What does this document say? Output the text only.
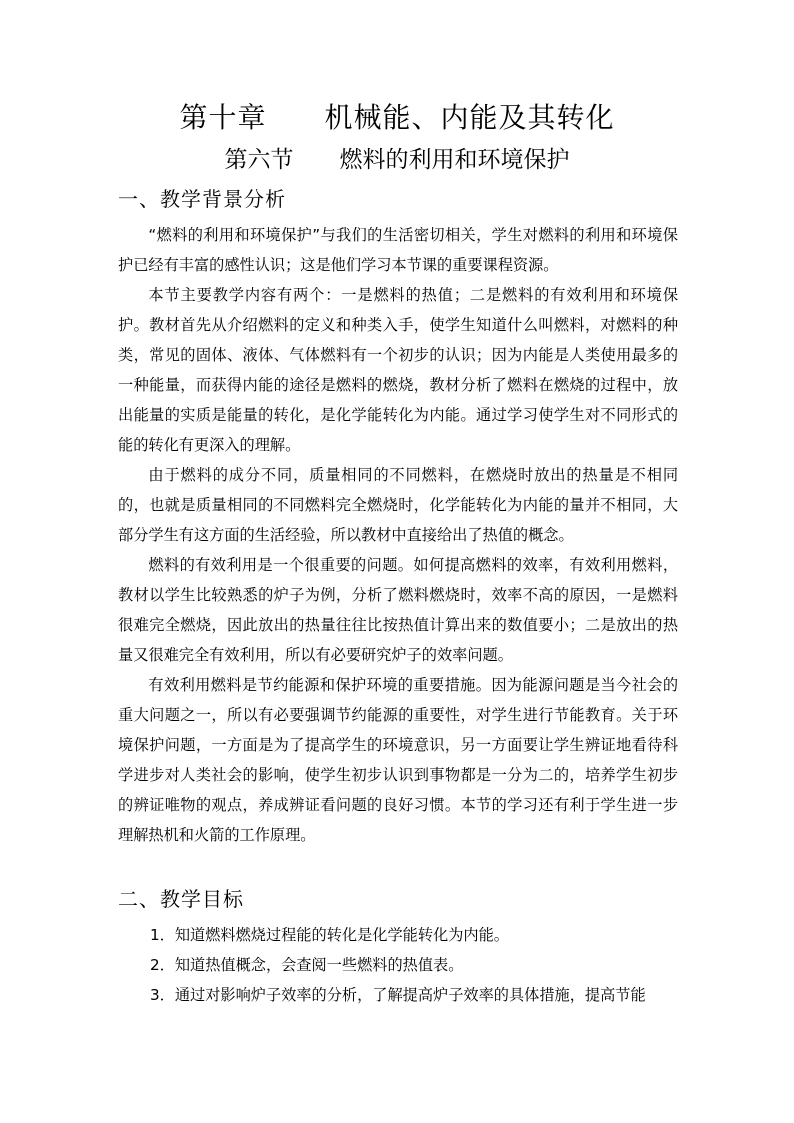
第十章　　机械能、内能及其转化
第六节　　燃料的利用和环境保护
一、教学背景分析

“燃料的利用和环境保护”与我们的生活密切相关，学生对燃料的利用和环境保护已经有丰富的感性认识；这是他们学习本节课的重要课程资源。

本节主要教学内容有两个：一是燃料的热值；二是燃料的有效利用和环境保护。教材首先从介绍燃料的定义和种类入手，使学生知道什么叫燃料，对燃料的种类，常见的固体、液体、气体燃料有一个初步的认识；因为内能是人类使用最多的一种能量，而获得内能的途径是燃料的燃烧，教材分析了燃料在燃烧的过程中，放出能量的实质是能量的转化，是化学能转化为内能。通过学习使学生对不同形式的能的转化有更深入的理解。

由于燃料的成分不同，质量相同的不同燃料，在燃烧时放出的热量是不相同的，也就是质量相同的不同燃料完全燃烧时，化学能转化为内能的量并不相同，大部分学生有这方面的生活经验，所以教材中直接给出了热值的概念。

燃料的有效利用是一个很重要的问题。如何提高燃料的效率，有效利用燃料，教材以学生比较熟悉的炉子为例，分析了燃料燃烧时，效率不高的原因，一是燃料很难完全燃烧，因此放出的热量往往比按热值计算出来的数值要小；二是放出的热量又很难完全有效利用，所以有必要研究炉子的效率问题。

有效利用燃料是节约能源和保护环境的重要措施。因为能源问题是当今社会的重大问题之一，所以有必要强调节约能源的重要性，对学生进行节能教育。关于环境保护问题，一方面是为了提高学生的环境意识，另一方面要让学生辨证地看待科学进步对人类社会的影响，使学生初步认识到事物都是一分为二的，培养学生初步的辨证唯物的观点，养成辨证看问题的良好习惯。本节的学习还有利于学生进一步理解热机和火箭的工作原理。

二、教学目标
1．知道燃料燃烧过程能的转化是化学能转化为内能。
2．知道热值概念，会查阅一些燃料的热值表。
3．通过对影响炉子效率的分析，了解提高炉子效率的具体措施，提高节能
